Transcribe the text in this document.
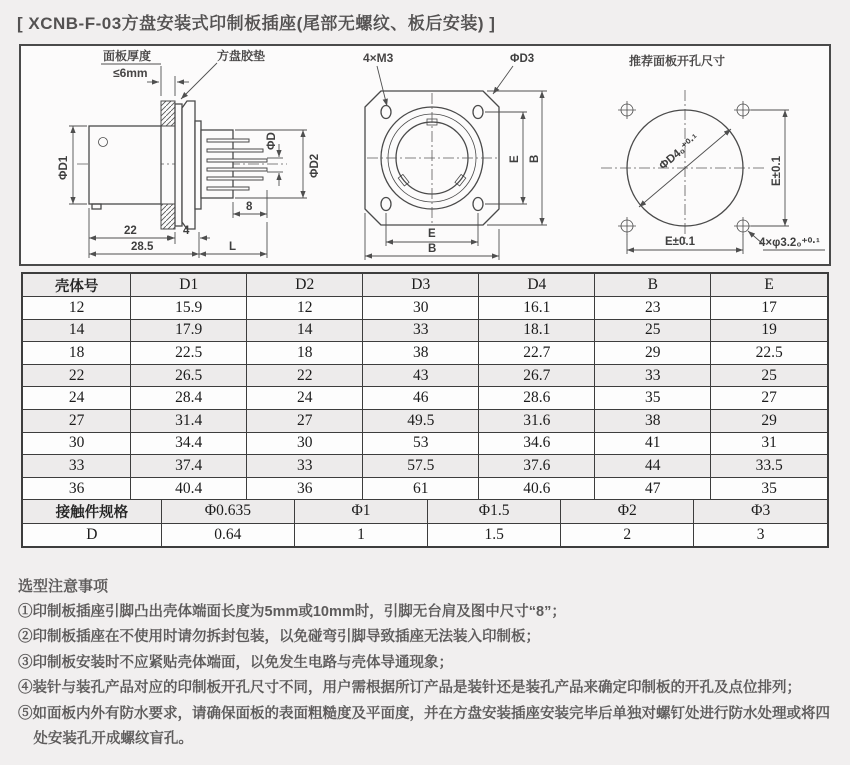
[ XCNB-F-03方盘安装式印制板插座(尾部无螺纹、板后安装) ]
面板厚度
≤6mm
方盘胶垫
ΦD1
ΦD
ΦD2
8
22	4
28.5	L
4×M3	ΦD3
E B
E
B
推荐面板开孔尺寸
ΦD4₀⁺⁰·¹	E±0.1
E±0.1	4×φ3.2₀⁺⁰·¹
壳体号	D1	D2	D3	D4	B	E
12	15.9	12	30	16.1	23	17
14	17.9	14	33	18.1	25	19
18	22.5	18	38	22.7	29	22.5
22	26.5	22	43	26.7	33	25
24	28.4	24	46	28.6	35	27
27	31.4	27	49.5	31.6	38	29
30	34.4	30	53	34.6	41	31
33	37.4	33	57.5	37.6	44	33.5
36	40.4	36	61	40.6	47	35
接触件规格	Φ0.635	Φ1	Φ1.5	Φ2	Φ3
D	0.64	1	1.5	2	3

选型注意事项

①印制板插座引脚凸出壳体端面长度为5mm或10mm时，引脚无台肩及图中尺寸“8”；

②印制板插座在不使用时请勿拆封包装，以免碰弯引脚导致插座无法装入印制板；

③印制板安装时不应紧贴壳体端面，以免发生电路与壳体导通现象；

④装针与装孔产品对应的印制板开孔尺寸不同，用户需根据所订产品是装针还是装孔产品来确定印制板的开孔及点位排列；

⑤如面板内外有防水要求，请确保面板的表面粗糙度及平面度，并在方盘安装插座安装完毕后单独对螺钉处进行防水处理或将四处安装孔开成螺纹盲孔。
